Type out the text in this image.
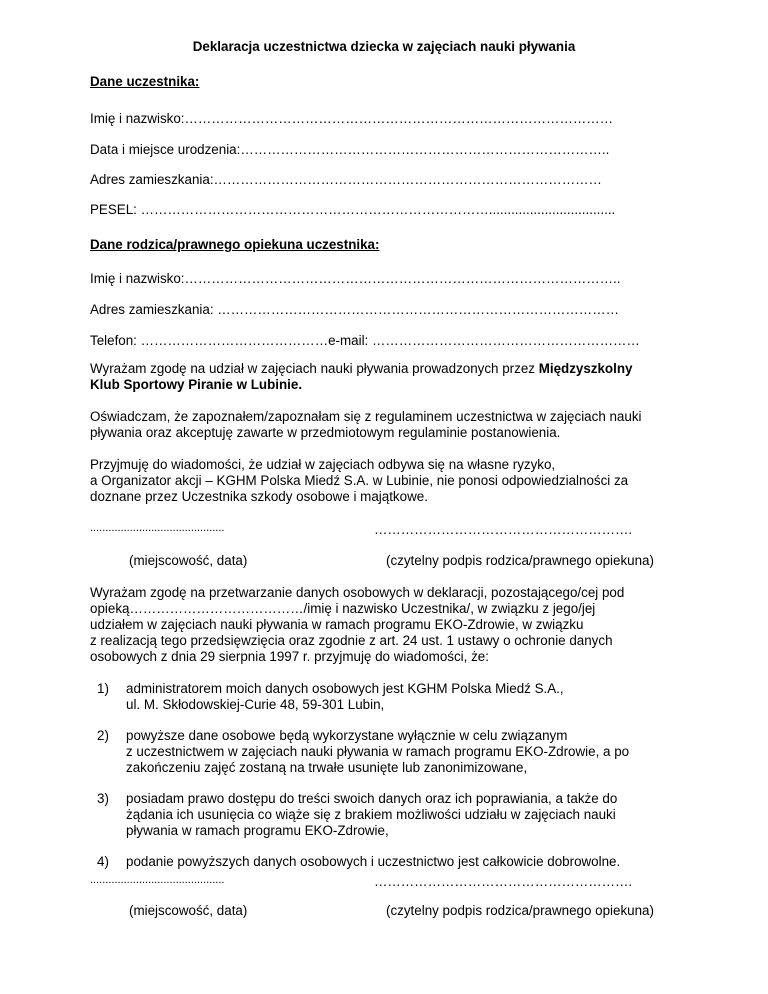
Deklaracja uczestnictwa dziecka w zajęciach nauki pływania
Dane uczestnika:
Imię i nazwisko:……………………………………………………………………………………
Data i miejsce urodzenia:………………………………………………………………………..
Adres zamieszkania:……………………………………………………………………………
PESEL: ……………………………………………………………………..................................
Dane rodzica/prawnego opiekuna uczestnika:
Imię i nazwisko:……………………………………………………………………………………..
Adres zamieszkania: ………………………………………………………………………………
Telefon: ……………………………………e-mail: ……………………………………………………
Wyrażam zgodę na udział w zajęciach nauki pływania prowadzonych przez Międzyszkolny
Klub Sportowy Piranie w Lubinie.
Oświadczam, że zapoznałem/zapoznałam się z regulaminem uczestnictwa w zajęciach nauki
pływania oraz akceptuję zawarte w przedmiotowym regulaminie postanowienia.
Przyjmuję do wiadomości, że udział w zajęciach odbywa się na własne ryzyko,
a Organizator akcji – KGHM Polska Miedź S.A. w Lubinie, nie ponosi odpowiedzialności za
doznane przez Uczestnika szkody osobowe i majątkowe.
............................................	………………………………………………….
(miejscowość, data)	(czytelny podpis rodzica/prawnego opiekuna)
Wyrażam zgodę na przetwarzanie danych osobowych w deklaracji, pozostającego/cej pod
opieką…………………………………/imię i nazwisko Uczestnika/, w związku z jego/jej
udziałem w zajęciach nauki pływania w ramach programu EKO-Zdrowie, w związku
z realizacją tego przedsięwzięcia oraz zgodnie z art. 24 ust. 1 ustawy o ochronie danych
osobowych z dnia 29 sierpnia 1997 r. przyjmuję do wiadomości, że:
1) administratorem moich danych osobowych jest KGHM Polska Miedź S.A.,
ul. M. Skłodowskiej-Curie 48, 59-301 Lubin,
2) powyższe dane osobowe będą wykorzystane wyłącznie w celu związanym
z uczestnictwem w zajęciach nauki pływania w ramach programu EKO-Zdrowie, a po
zakończeniu zajęć zostaną na trwałe usunięte lub zanonimizowane,
3) posiadam prawo dostępu do treści swoich danych oraz ich poprawiania, a także do
żądania ich usunięcia co wiąże się z brakiem możliwości udziału w zajęciach nauki
pływania w ramach programu EKO-Zdrowie,
4) podanie powyższych danych osobowych i uczestnictwo jest całkowicie dobrowolne.
............................................	………………………………………………….
(miejscowość, data)	(czytelny podpis rodzica/prawnego opiekuna)
